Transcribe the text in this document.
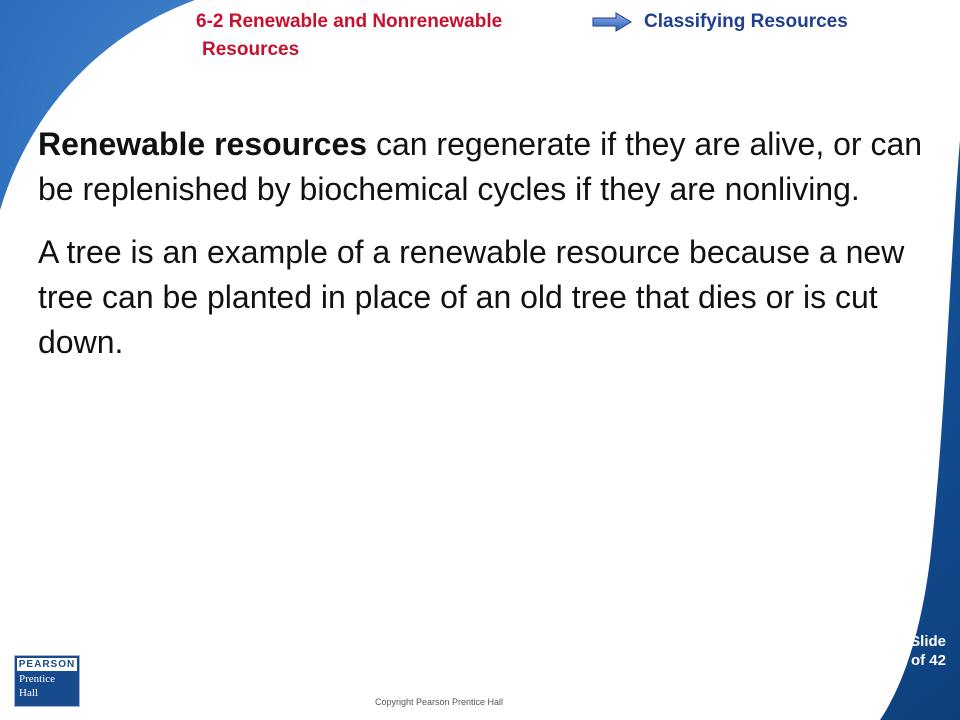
6-2 Renewable and Nonrenewable
Resources
Classifying Resources

Renewable resources can regenerate if they are alive, or can be replenished by biochemical cycles if they are nonliving.

A tree is an example of a renewable resource because a new tree can be planted in place of an old tree that dies or is cut down.

Slide
2 of 42
PEARSON
Prentice
Hall
Copyright Pearson Prentice Hall
